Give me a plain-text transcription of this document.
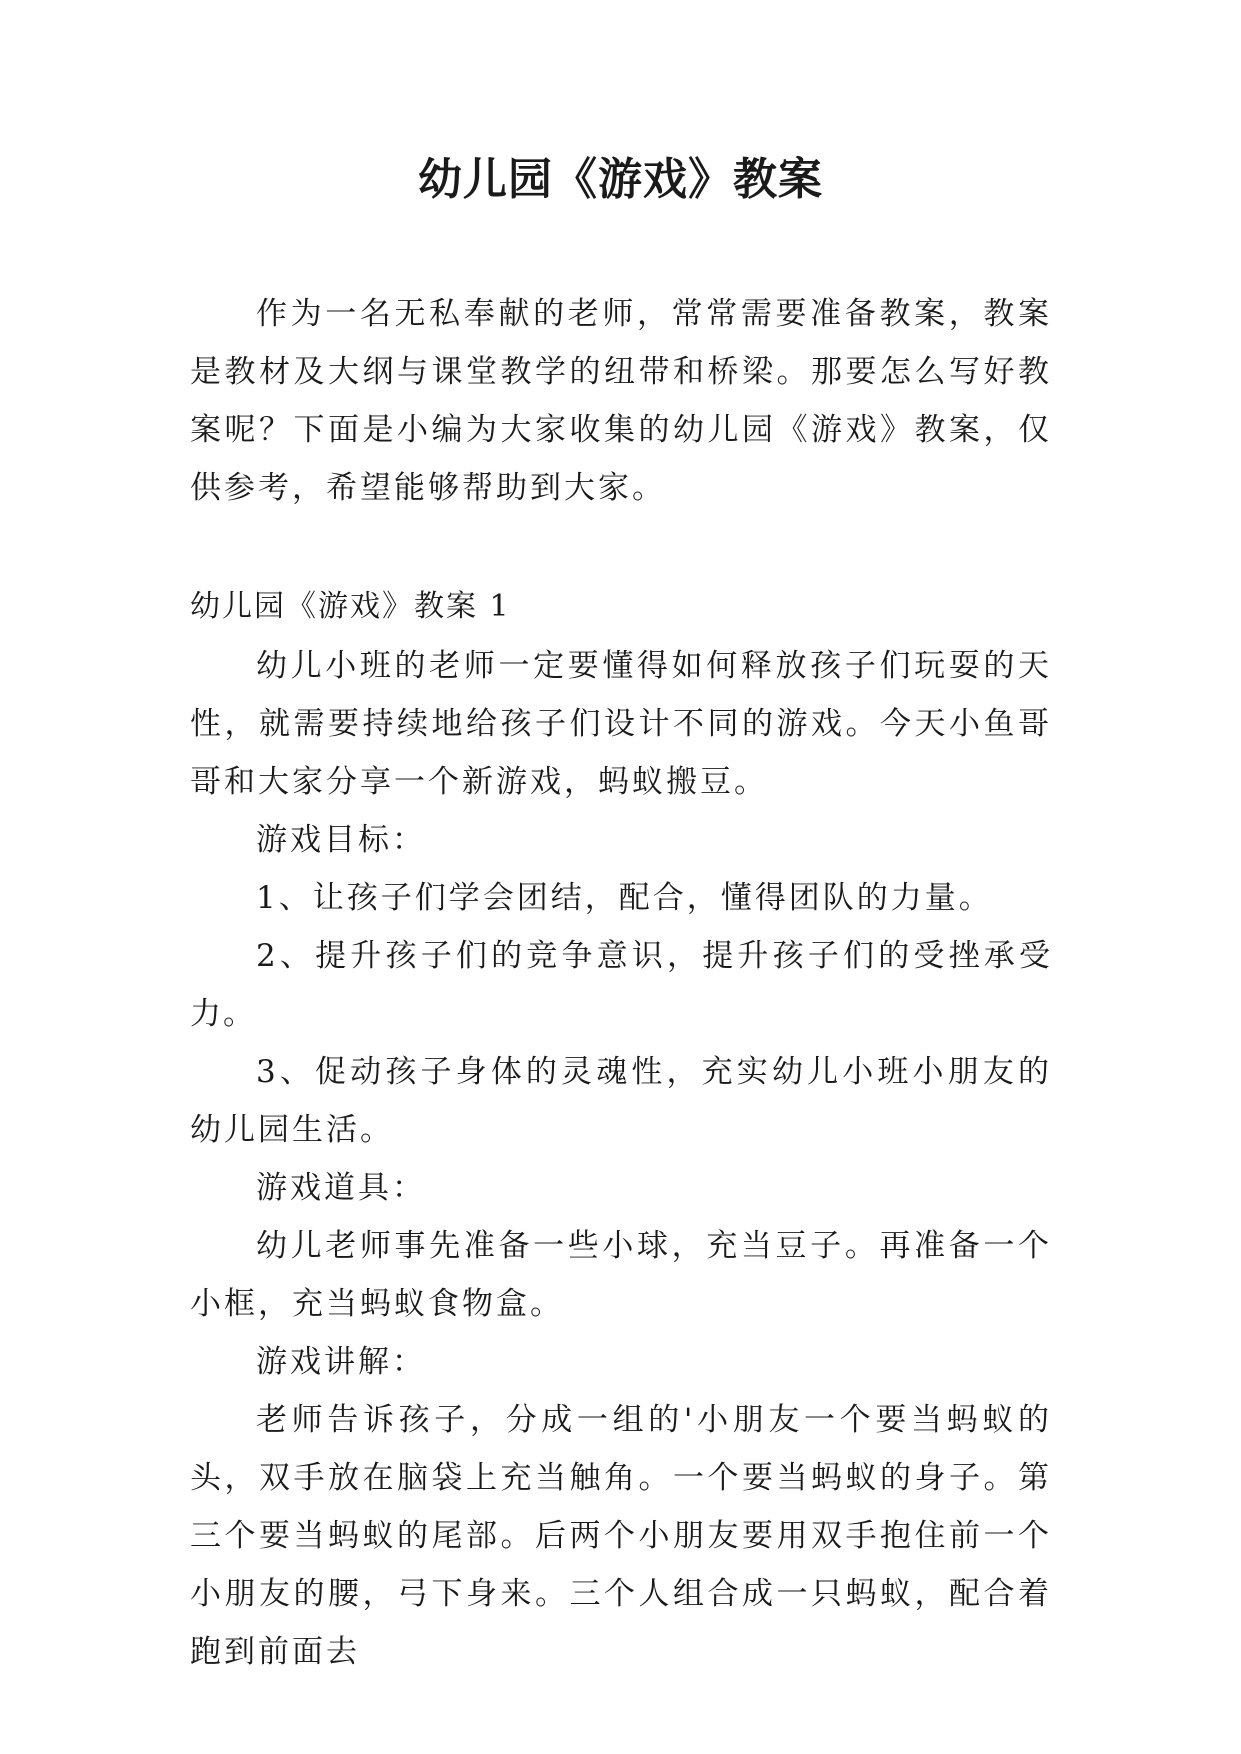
幼儿园《游戏》教案

作为一名无私奉献的老师，常常需要准备教案，教案是教材及大纲与课堂教学的纽带和桥梁。那要怎么写好教案呢？下面是小编为大家收集的幼儿园《游戏》教案，仅供参考，希望能够帮助到大家。

幼儿园《游戏》教案 1

幼儿小班的老师一定要懂得如何释放孩子们玩耍的天性，就需要持续地给孩子们设计不同的游戏。今天小鱼哥哥和大家分享一个新游戏，蚂蚁搬豆。

游戏目标：

1、让孩子们学会团结，配合，懂得团队的力量。

2、提升孩子们的竞争意识，提升孩子们的受挫承受力。

3、促动孩子身体的灵魂性，充实幼儿小班小朋友的幼儿园生活。

游戏道具：

幼儿老师事先准备一些小球，充当豆子。再准备一个小框，充当蚂蚁食物盒。

游戏讲解：

老师告诉孩子，分成一组的'小朋友一个要当蚂蚁的头，双手放在脑袋上充当触角。一个要当蚂蚁的身子。第三个要当蚂蚁的尾部。后两个小朋友要用双手抱住前一个小朋友的腰，弓下身来。三个人组合成一只蚂蚁，配合着跑到前面去
